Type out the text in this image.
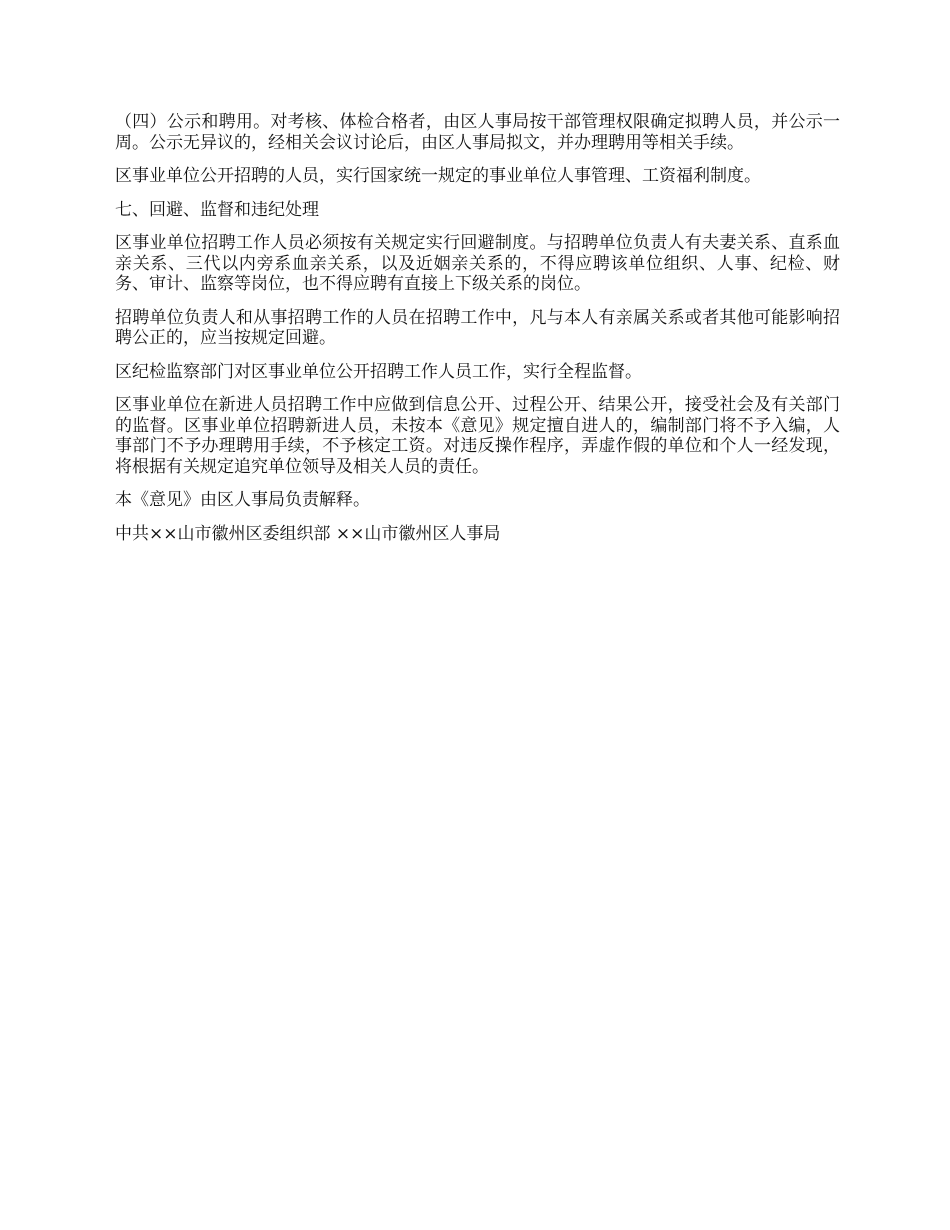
（四）公示和聘用。对考核、体检合格者，由区人事局按干部管理权限确定拟聘人员，并公示一周。公示无异议的，经相关会议讨论后，由区人事局拟文，并办理聘用等相关手续。

区事业单位公开招聘的人员，实行国家统一规定的事业单位人事管理、工资福利制度。

七、回避、监督和违纪处理

区事业单位招聘工作人员必须按有关规定实行回避制度。与招聘单位负责人有夫妻关系、直系血亲关系、三代以内旁系血亲关系，以及近姻亲关系的，不得应聘该单位组织、人事、纪检、财务、审计、监察等岗位，也不得应聘有直接上下级关系的岗位。

招聘单位负责人和从事招聘工作的人员在招聘工作中，凡与本人有亲属关系或者其他可能影响招聘公正的，应当按规定回避。

区纪检监察部门对区事业单位公开招聘工作人员工作，实行全程监督。

区事业单位在新进人员招聘工作中应做到信息公开、过程公开、结果公开，接受社会及有关部门的监督。区事业单位招聘新进人员，未按本《意见》规定擅自进人的，编制部门将不予入编，人事部门不予办理聘用手续，不予核定工资。对违反操作程序，弄虚作假的单位和个人一经发现，将根据有关规定追究单位领导及相关人员的责任。

本《意见》由区人事局负责解释。

中共××山市徽州区委组织部 ××山市徽州区人事局
